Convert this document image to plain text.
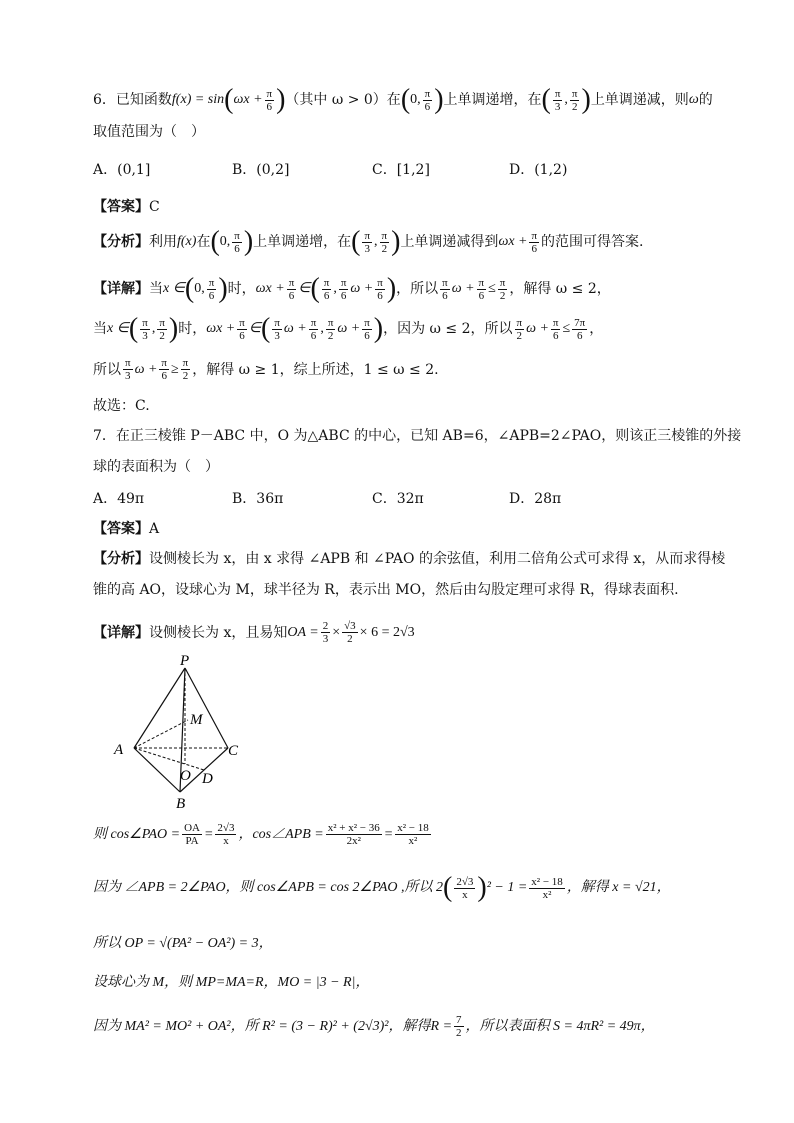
6．已知函数 f(x) = sin ( $\omega x + \frac{\pi}{6}$ ) （其中 ω > 0）在 ( 0, $\frac{\pi}{6}$ ) 上单调递增，在 ( $\frac{\pi}{3}$ , $\frac{\pi}{2}$ ) 上单调递减，则 ω 的
取值范围为（　）
A．(0,1]	B．(0,2]	C．[1,2]	D．(1,2)
【答案】C
【分析】 利用 f(x) 在 ( 0, $\frac{\pi}{6}$ ) 上单调递增，在 ( $\frac{\pi}{3}$ , $\frac{\pi}{2}$ ) 上单调递减得到 $\omega x + \frac{\pi}{6}$ 的范围可得答案.
【详解】 当 x ∈ ( 0, $\frac{\pi}{6}$ ) 时， $\omega x + \frac{\pi}{6}$ ∈ ( $\frac{\pi}{6}$ , $\frac{\pi}{6}$ $\omega + \frac{\pi}{6}$ ) ，所以 $\frac{\pi}{6}$ $\omega + \frac{\pi}{6} \le \frac{\pi}{2}$ ，解得 ω ≤ 2，
当 x ∈ ( $\frac{\pi}{3}$ , $\frac{\pi}{2}$ ) 时， $\omega x + \frac{\pi}{6}$ ∈ ( $\frac{\pi}{3}$ $\omega + \frac{\pi}{6}$ , $\frac{\pi}{2}$ $\omega + \frac{\pi}{6}$ ) ，因为 ω ≤ 2，所以 $\frac{\pi}{2}$ $\omega + \frac{\pi}{6} \le \frac{7\pi}{6}$ ，
所以 $\frac{\pi}{3}$ $\omega + \frac{\pi}{6} \ge \frac{\pi}{2}$ ，解得 ω ≥ 1，综上所述，1 ≤ ω ≤ 2.
故选：C.
7．在正三棱锥 P－ABC 中，O 为△ABC 的中心，已知 AB=6，∠APB=2∠PAO，则该正三棱锥的外接
球的表面积为（　）
A．49π	B．36π	C．32π	D．28π
【答案】A
【分析】设侧棱长为 x，由 x 求得 ∠APB 和 ∠PAO 的余弦值，利用二倍角公式可求得 x，从而求得棱
锥的高 AO，设球心为 M，球半径为 R，表示出 MO，然后由勾股定理可求得 R，得球表面积.
【详解】 设侧棱长为 x，且易知 OA = $\frac{2}{3} \times \frac{√3}{2} \times 6 = 2√3$
P
M
A	C
O D
B
则 cos∠PAO = $\frac{OA}{PA} = \frac{2√3}{x}$ ，cos∠APB = $\frac{\text{x² + x² − 36}}{\text{2x²}} = \frac{\text{x² − 18}}{\text{x²}}$
因为 ∠APB = 2∠PAO，则 cos∠APB = cos 2∠PAO ,所以 2 ( $\frac{2√3}{x}$ ) $^2 - 1 = \frac{\text{x² − 18}}{\text{x²}}$ ，解得 x = √21，
所以 OP = √(PA² − OA²) = 3，
设球心为 M，则 MP=MA=R，MO = |3 − R|，
因为 MA² = MO² + OA²，所 R² = (3 − R)² + (2√3)²，解得 $R = \frac{7}{2}$ ，所以表面积 S = 4πR² = 49π，
